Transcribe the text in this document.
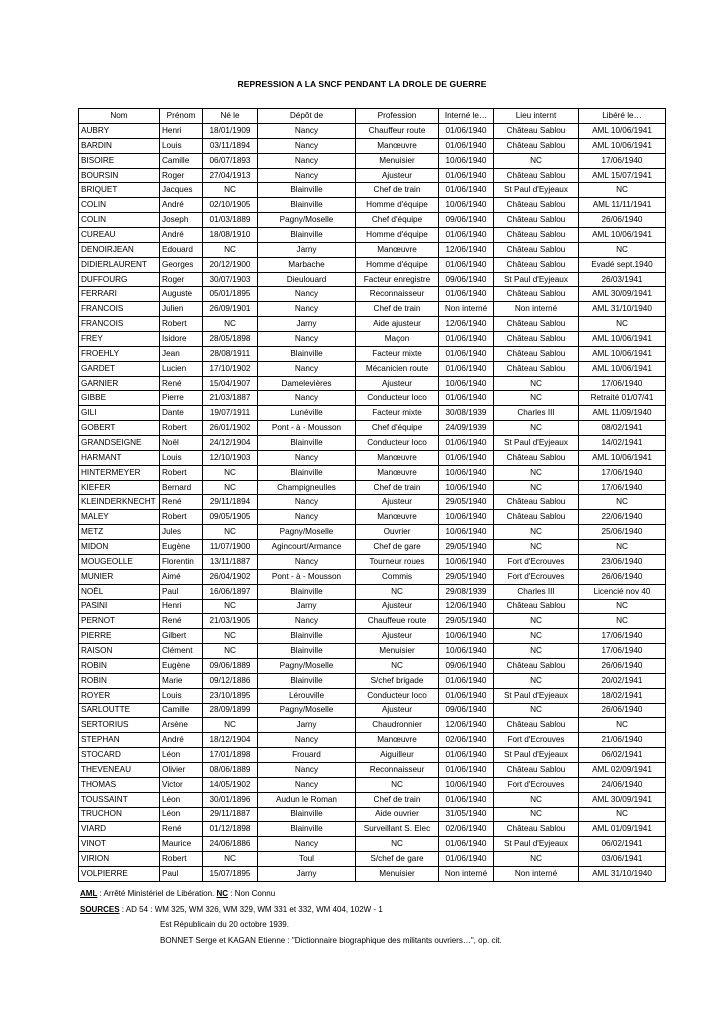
REPRESSION A LA SNCF PENDANT LA DROLE DE GUERRE
Nom	Prénom	Né le	Dépôt de	Profession	Interné le…	Lieu internt	Libéré le…
AUBRY	Henri	18/01/1909	Nancy	Chauffeur route	01/06/1940	Château Sablou	AML 10/06/1941
BARDIN	Louis	03/11/1894	Nancy	Manœuvre	01/06/1940	Château Sablou	AML 10/06/1941
BISOIRE	Camille	06/07/1893	Nancy	Menuisier	10/06/1940	NC	17/06/1940
BOURSIN	Roger	27/04/1913	Nancy	Ajusteur	01/06/1940	Château Sablou	AML 15/07/1941
BRIQUET	Jacques	NC	Blainville	Chef de train	01/06/1940	St Paul d'Eyjeaux	NC
COLIN	André	02/10/1905	Blainville	Homme d'équipe	10/06/1940	Château Sablou	AML 11/11/1941
COLIN	Joseph	01/03/1889	Pagny/Moselle	Chef d'équipe	09/06/1940	Château Sablou	26/06/1940
CUREAU	André	18/08/1910	Blainville	Homme d'équipe	01/06/1940	Château Sablou	AML 10/06/1941
DENOIRJEAN	Edouard	NC	Jarny	Manœuvre	12/06/1940	Château Sablou	NC
DIDIERLAURENT	Georges	20/12/1900	Marbache	Homme d'équipe	01/06/1940	Château Sablou	Evadé sept.1940
DUFFOURG	Roger	30/07/1903	Dieulouard	Facteur enregistre	09/06/1940	St Paul d'Eyjeaux	26/03/1941
FERRARI	Auguste	05/01/1895	Nancy	Reconnaisseur	01/06/1940	Château Sablou	AML 30/09/1941
FRANCOIS	Julien	26/09/1901	Nancy	Chef de train	Non interné	Non interné	AML 31/10/1940
FRANCOIS	Robert	NC	Jarny	Aide ajusteur	12/06/1940	Château Sablou	NC
FREY	Isidore	28/05/1898	Nancy	Maçon	01/06/1940	Château Sablou	AML 10/06/1941
FROEHLY	Jean	28/08/1911	Blainville	Facteur mixte	01/06/1940	Château Sablou	AML 10/06/1941
GARDET	Lucien	17/10/1902	Nancy	Mécanicien route	01/06/1940	Château Sablou	AML 10/06/1941
GARNIER	René	15/04/1907	Damelevières	Ajusteur	10/06/1940	NC	17/06/1940
GIBBE	Pierre	21/03/1887	Nancy	Conducteur loco	01/06/1940	NC	Retraité 01/07/41
GILI	Dante	19/07/1911	Lunéville	Facteur mixte	30/08/1939	Charles III	AML 11/09/1940
GOBERT	Robert	26/01/1902	Pont - à - Mousson	Chef d'équipe	24/09/1939	NC	08/02/1941
GRANDSEIGNE	Noël	24/12/1904	Blainville	Conducteur loco	01/06/1940	St Paul d'Eyjeaux	14/02/1941
HARMANT	Louis	12/10/1903	Nancy	Manœuvre	01/06/1940	Château Sablou	AML 10/06/1941
HINTERMEYER	Robert	NC	Blainville	Manœuvre	10/06/1940	NC	17/06/1940
KIEFER	Bernard	NC	Champigneulles	Chef de train	10/06/1940	NC	17/06/1940
KLEINDERKNECHT	René	29/11/1894	Nancy	Ajusteur	29/05/1940	Château Sablou	NC
MALEY	Robert	09/05/1905	Nancy	Manœuvre	10/06/1940	Château Sablou	22/06/1940
METZ	Jules	NC	Pagny/Moselle	Ouvrier	10/06/1940	NC	25/06/1940
MIDON	Eugène	11/07/1900	Agincourt/Armance	Chef de gare	29/05/1940	NC	NC
MOUGEOLLE	Florentin	13/11/1887	Nancy	Tourneur roues	10/06/1940	Fort d'Ecrouves	23/06/1940
MUNIER	Aimé	26/04/1902	Pont - à - Mousson	Commis	29/05/1940	Fort d'Ecrouves	26/06/1940
NOËL	Paul	16/06/1897	Blainville	NC	29/08/1939	Charles III	Licencié nov 40
PASINI	Henri	NC	Jarny	Ajusteur	12/06/1940	Château Sablou	NC
PERNOT	René	21/03/1905	Nancy	Chauffeue route	29/05/1940	NC	NC
PIERRE	Gilbert	NC	Blainville	Ajusteur	10/06/1940	NC	17/06/1940
RAISON	Clément	NC	Blainville	Menuisier	10/06/1940	NC	17/06/1940
ROBIN	Eugène	09/06/1889	Pagny/Moselle	NC	09/06/1940	Château Sablou	26/06/1940
ROBIN	Marie	09/12/1886	Blainville	S/chef brigade	01/06/1940	NC	20/02/1941
ROYER	Louis	23/10/1895	Lérouville	Conducteur loco	01/06/1940	St Paul d'Eyjeaux	18/02/1941
SARLOUTTE	Camille	28/09/1899	Pagny/Moselle	Ajusteur	09/06/1940	NC	26/06/1940
SERTORIUS	Arsène	NC	Jarny	Chaudronnier	12/06/1940	Château Sablou	NC
STEPHAN	André	18/12/1904	Nancy	Manœuvre	02/06/1940	Fort d'Ecrouves	21/06/1940
STOCARD	Léon	17/01/1898	Frouard	Aiguilleur	01/06/1940	St Paul d'Eyjeaux	06/02/1941
THEVENEAU	Olivier	08/06/1889	Nancy	Reconnaisseur	01/06/1940	Château Sablou	AML 02/09/1941
THOMAS	Victor	14/05/1902	Nancy	NC	10/06/1940	Fort d'Ecrouves	24/06/1940
TOUSSAINT	Léon	30/01/1896	Audun le Roman	Chef de train	01/06/1940	NC	AML 30/09/1941
TRUCHON	Léon	29/11/1887	Blainville	Aide ouvrier	31/05/1940	NC	NC
VIARD	René	01/12/1898	Blainville	Surveillant S. Elec	02/06/1940	Château Sablou	AML 01/09/1941
VINOT	Maurice	24/06/1886	Nancy	NC	01/06/1940	St Paul d'Eyjeaux	06/02/1941
VIRION	Robert	NC	Toul	S/chef de gare	01/06/1940	NC	03/06/1941
VOLPIERRE	Paul	15/07/1895	Jarny	Menuisier	Non interné	Non interné	AML 31/10/1940
AML : Arrêté Ministériel de Libération. NC : Non Connu
SOURCES : AD 54 : WM 325, WM 326, WM 329, WM 331 et 332, WM 404, 102W - 1
Est Républicain du 20 octobre 1939.
BONNET Serge et KAGAN Etienne : "Dictionnaire biographique des militants ouvriers…", op. cit.
